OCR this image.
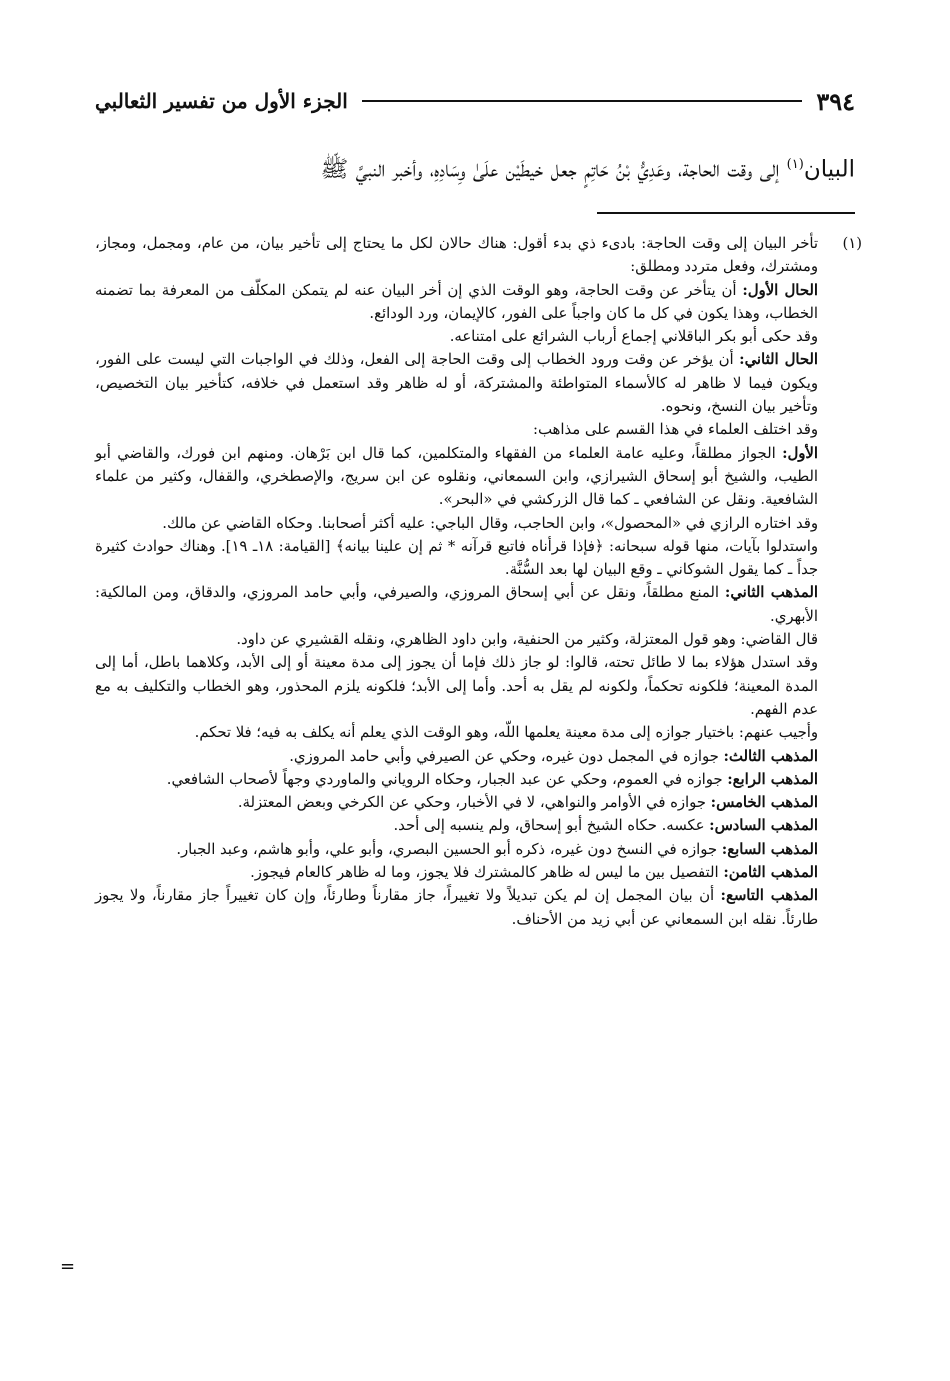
٣٩٤
الجزء الأول من تفسير الثعالبي
البيان$^{(١)}$ إلى وقت الحاجة، وعَدِيُّ بْنُ حَاتِمٍ جعل خيطَيْن علَىٰ وِسَادِهِ، وأخبر النبيَّ ﷺ
(١)
تأخر البيان إلى وقت الحاجة: بادىء ذي بدء أقول: هناك حالان لكل ما يحتاج إلى تأخير بيان، من عام، ومجمل، ومجاز، ومشترك، وفعل متردد ومطلق:
الحال الأول: أن يتأخر عن وقت الحاجة، وهو الوقت الذي إن أخر البيان عنه لم يتمكن المكلّف من المعرفة بما تضمنه الخطاب، وهذا يكون في كل ما كان واجباً على الفور، كالإيمان، ورد الودائع.
وقد حكى أبو بكر الباقلاني إجماع أرباب الشرائع على امتناعه.
الحال الثاني: أن يؤخر عن وقت ورود الخطاب إلى وقت الحاجة إلى الفعل، وذلك في الواجبات التي ليست على الفور، ويكون فيما لا ظاهر له كالأسماء المتواطئة والمشتركة، أو له ظاهر وقد استعمل في خلافه، كتأخير بيان التخصيص، وتأخير بيان النسخ، ونحوه.
وقد اختلف العلماء في هذا القسم على مذاهب:
الأول: الجواز مطلقاً، وعليه عامة العلماء من الفقهاء والمتكلمين، كما قال ابن بَرْهان. ومنهم ابن فورك، والقاضي أبو الطيب، والشيخ أبو إسحاق الشيرازي، وابن السمعاني، ونقلوه عن ابن سريج، والإصطخري، والقفال، وكثير من علماء الشافعية. ونقل عن الشافعي ـ كما قال الزركشي في «البحر».
وقد اختاره الرازي في «المحصول»، وابن الحاجب، وقال الباجي: عليه أكثر أصحابنا. وحكاه القاضي عن مالك.
واستدلوا بآيات، منها قوله سبحانه: ﴿فإذا قرأناه فاتبع قرآنه * ثم إن علينا بيانه﴾ [القيامة: ١٨ـ ١٩]. وهناك حوادث كثيرة جداً ـ كما يقول الشوكاني ـ وقع البيان لها بعد السُّنَّة.
المذهب الثاني: المنع مطلقاً، ونقل عن أبي إسحاق المروزي، والصيرفي، وأبي حامد المروزي، والدقاق، ومن المالكية: الأبهري.
قال القاضي: وهو قول المعتزلة، وكثير من الحنفية، وابن داود الظاهري، ونقله القشيري عن داود.
وقد استدل هؤلاء بما لا طائل تحته، قالوا: لو جاز ذلك فإما أن يجوز إلى مدة معينة أو إلى الأبد، وكلاهما باطل، أما إلى المدة المعينة؛ فلكونه تحكماً، ولكونه لم يقل به أحد. وأما إلى الأبد؛ فلكونه يلزم المحذور، وهو الخطاب والتكليف به مع عدم الفهم.
وأجيب عنهم: باختيار جوازه إلى مدة معينة يعلمها اللّه، وهو الوقت الذي يعلم أنه يكلف به فيه؛ فلا تحكم.
المذهب الثالث: جوازه في المجمل دون غيره، وحكي عن الصيرفي وأبي حامد المروزي.
المذهب الرابع: جوازه في العموم، وحكي عن عبد الجبار، وحكاه الروياني والماوردي وجهاً لأصحاب الشافعي.
المذهب الخامس: جوازه في الأوامر والنواهي، لا في الأخبار، وحكي عن الكرخي وبعض المعتزلة.
المذهب السادس: عكسه. حكاه الشيخ أبو إسحاق، ولم ينسبه إلى أحد.
المذهب السابع: جوازه في النسخ دون غيره، ذكره أبو الحسين البصري، وأبو علي، وأبو هاشم، وعبد الجبار.
المذهب الثامن: التفصيل بين ما ليس له ظاهر كالمشترك فلا يجوز، وما له ظاهر كالعام فيجوز.
المذهب التاسع: أن بيان المجمل إن لم يكن تبديلاً ولا تغييراً، جاز مقارناً وطارئاً، وإن كان تغييراً جاز مقارناً، ولا يجوز طارئاً. نقله ابن السمعاني عن أبي زيد من الأحناف.
=
